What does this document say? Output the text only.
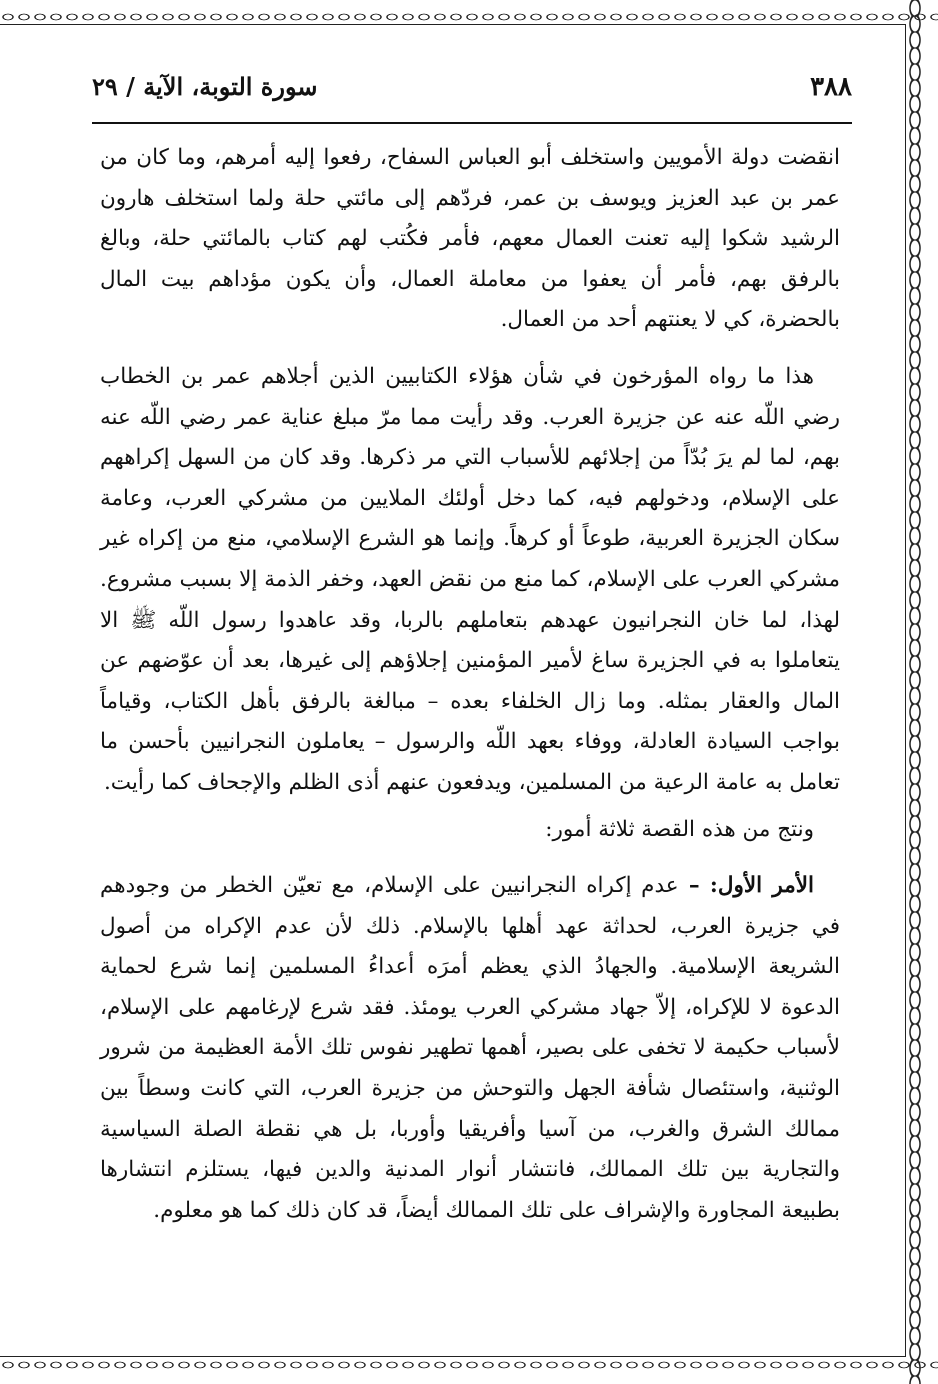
٣٨٨
سورة التوبة، الآية / ٢٩

انقضت دولة الأمويين واستخلف أبو العباس السفاح، رفعوا إليه أمرهم، وما كان من عمر بن عبد العزيز ويوسف بن عمر، فردّهم إلى مائتي حلة ولما استخلف هارون الرشيد شكوا إليه تعنت العمال معهم، فأمر فكُتب لهم كتاب بالمائتي حلة، وبالغ بالرفق بهم، فأمر أن يعفوا من معاملة العمال، وأن يكون مؤداهم بيت المال بالحضرة، كي لا يعنتهم أحد من العمال.

هذا ما رواه المؤرخون في شأن هؤلاء الكتابيين الذين أجلاهم عمر بن الخطاب رضي اللّه عنه عن جزيرة العرب. وقد رأيت مما مرّ مبلغ عناية عمر رضي اللّه عنه بهم، لما لم يرَ بُدّاً من إجلائهم للأسباب التي مر ذكرها. وقد كان من السهل إكراههم على الإسلام، ودخولهم فيه، كما دخل أولئك الملايين من مشركي العرب، وعامة سكان الجزيرة العربية، طوعاً أو كرهاً. وإنما هو الشرع الإسلامي، منع من إكراه غير مشركي العرب على الإسلام، كما منع من نقض العهد، وخفر الذمة إلا بسبب مشروع. لهذا، لما خان النجرانيون عهدهم بتعاملهم بالربا، وقد عاهدوا رسول اللّه ﷺ الا يتعاملوا به في الجزيرة ساغ لأمير المؤمنين إجلاؤهم إلى غيرها، بعد أن عوّضهم عن المال والعقار بمثله. وما زال الخلفاء بعده – مبالغة بالرفق بأهل الكتاب، وقياماً بواجب السيادة العادلة، ووفاء بعهد اللّه والرسول – يعاملون النجرانيين بأحسن ما تعامل به عامة الرعية من المسلمين، ويدفعون عنهم أذى الظلم والإجحاف كما رأيت.

ونتج من هذه القصة ثلاثة أمور:

الأمر الأول: – عدم إكراه النجرانيين على الإسلام، مع تعيّن الخطر من وجودهم في جزيرة العرب، لحداثة عهد أهلها بالإسلام. ذلك لأن عدم الإكراه من أصول الشريعة الإسلامية. والجهادُ الذي يعظم أمرَه أعداءُ المسلمين إنما شرع لحماية الدعوة لا للإكراه، إلاّ جهاد مشركي العرب يومئذ. فقد شرع لإرغامهم على الإسلام، لأسباب حكيمة لا تخفى على بصير، أهمها تطهير نفوس تلك الأمة العظيمة من شرور الوثنية، واستئصال شأفة الجهل والتوحش من جزيرة العرب، التي كانت وسطاً بين ممالك الشرق والغرب، من آسيا وأفريقيا وأوربا، بل هي نقطة الصلة السياسية والتجارية بين تلك الممالك، فانتشار أنوار المدنية والدين فيها، يستلزم انتشارها بطبيعة المجاورة والإشراف على تلك الممالك أيضاً، قد كان ذلك كما هو معلوم.
